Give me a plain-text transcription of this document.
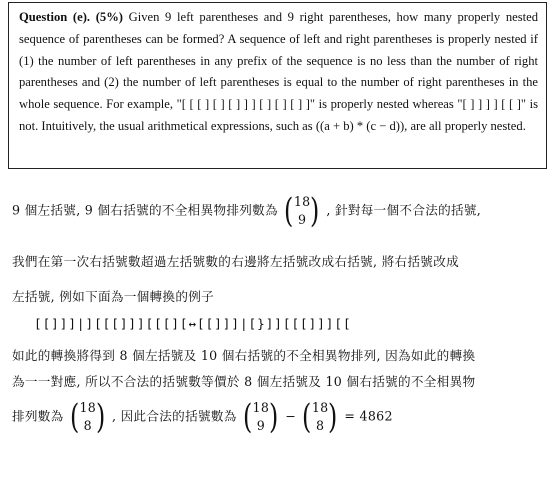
Question (e). (5%) Given 9 left parentheses and 9 right parentheses, how many properly nested sequence of parentheses can be formed? A sequence of left and right parentheses is properly nested if (1) the number of left parentheses in any prefix of the sequence is no less than the number of right parentheses and (2) the number of left parentheses is equal to the number of right parentheses in the whole sequence. For example, "[ [ [ ] [ ] [ ] ] ] [ ] [ ] [ ] ]" is properly nested whereas "[ ] ] ] ] [ [ ]" is not. Intuitively, the usual arithmetical expressions, such as ((a + b) * (c − d)), are all properly nested.

9 個左括號, 9 個右括號的不全相異物排列數為 ( 18
9 ) , 針對每一個不合法的括號,
我們在第一次右括號數超過左括號數的右邊將左括號改成右括號, 將右括號改成
左括號, 例如下面為一個轉換的例子
[[]]]|][[[]]][[[][↔[[]]]|[}]][[[]]][[
如此的轉換將得到 8 個左括號及 10 個右括號的不全相異物排列, 因為如此的轉換
為一一對應, 所以不合法的括號數等價於 8 個左括號及 10 個右括號的不全相異物
排列數為 ( 18
8 ) , 因此合法的括號數為 ( 18
9 ) − ( 18
8 ) = 4862
